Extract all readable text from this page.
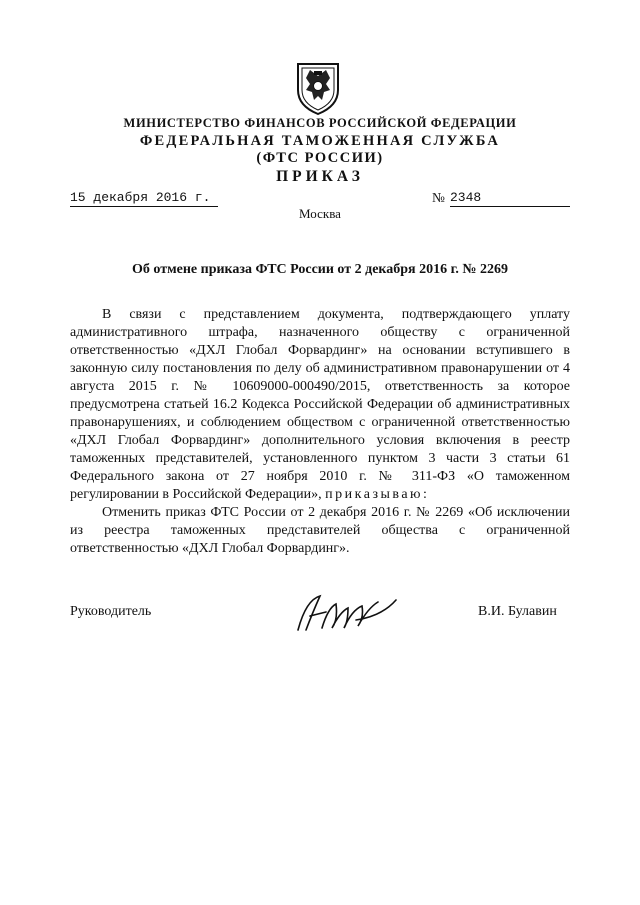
МИНИСТЕРСТВО ФИНАНСОВ РОССИЙСКОЙ ФЕДЕРАЦИИ
ФЕДЕРАЛЬНАЯ ТАМОЖЕННАЯ СЛУЖБА
(ФТС РОССИИ)
ПРИКАЗ
15 декабря 2016 г.	№ 2348
Москва
Об отмене приказа ФТС России от 2 декабря 2016 г. № 2269

В связи с представлением документа, подтверждающего уплату административного штрафа, назначенного обществу с ограниченной ответственностью «ДХЛ Глобал Форвардинг» на основании вступившего в законную силу постановления по делу об административном правонарушении от 4 августа 2015 г. № 10609000-000490/2015, ответственность за которое предусмотрена статьей 16.2 Кодекса Российской Федерации об административных правонарушениях, и соблюдением обществом с ограниченной ответственностью «ДХЛ Глобал Форвардинг» дополнительного условия включения в реестр таможенных представителей, установленного пунктом 3 части 3 статьи 61 Федерального закона от 27 ноября 2010 г. № 311-ФЗ «О таможенном регулировании в Российской Федерации», приказываю:

Отменить приказ ФТС России от 2 декабря 2016 г. № 2269 «Об исключении из реестра таможенных представителей общества с ограниченной ответственностью «ДХЛ Глобал Форвардинг».

Руководитель	В.И. Булавин
